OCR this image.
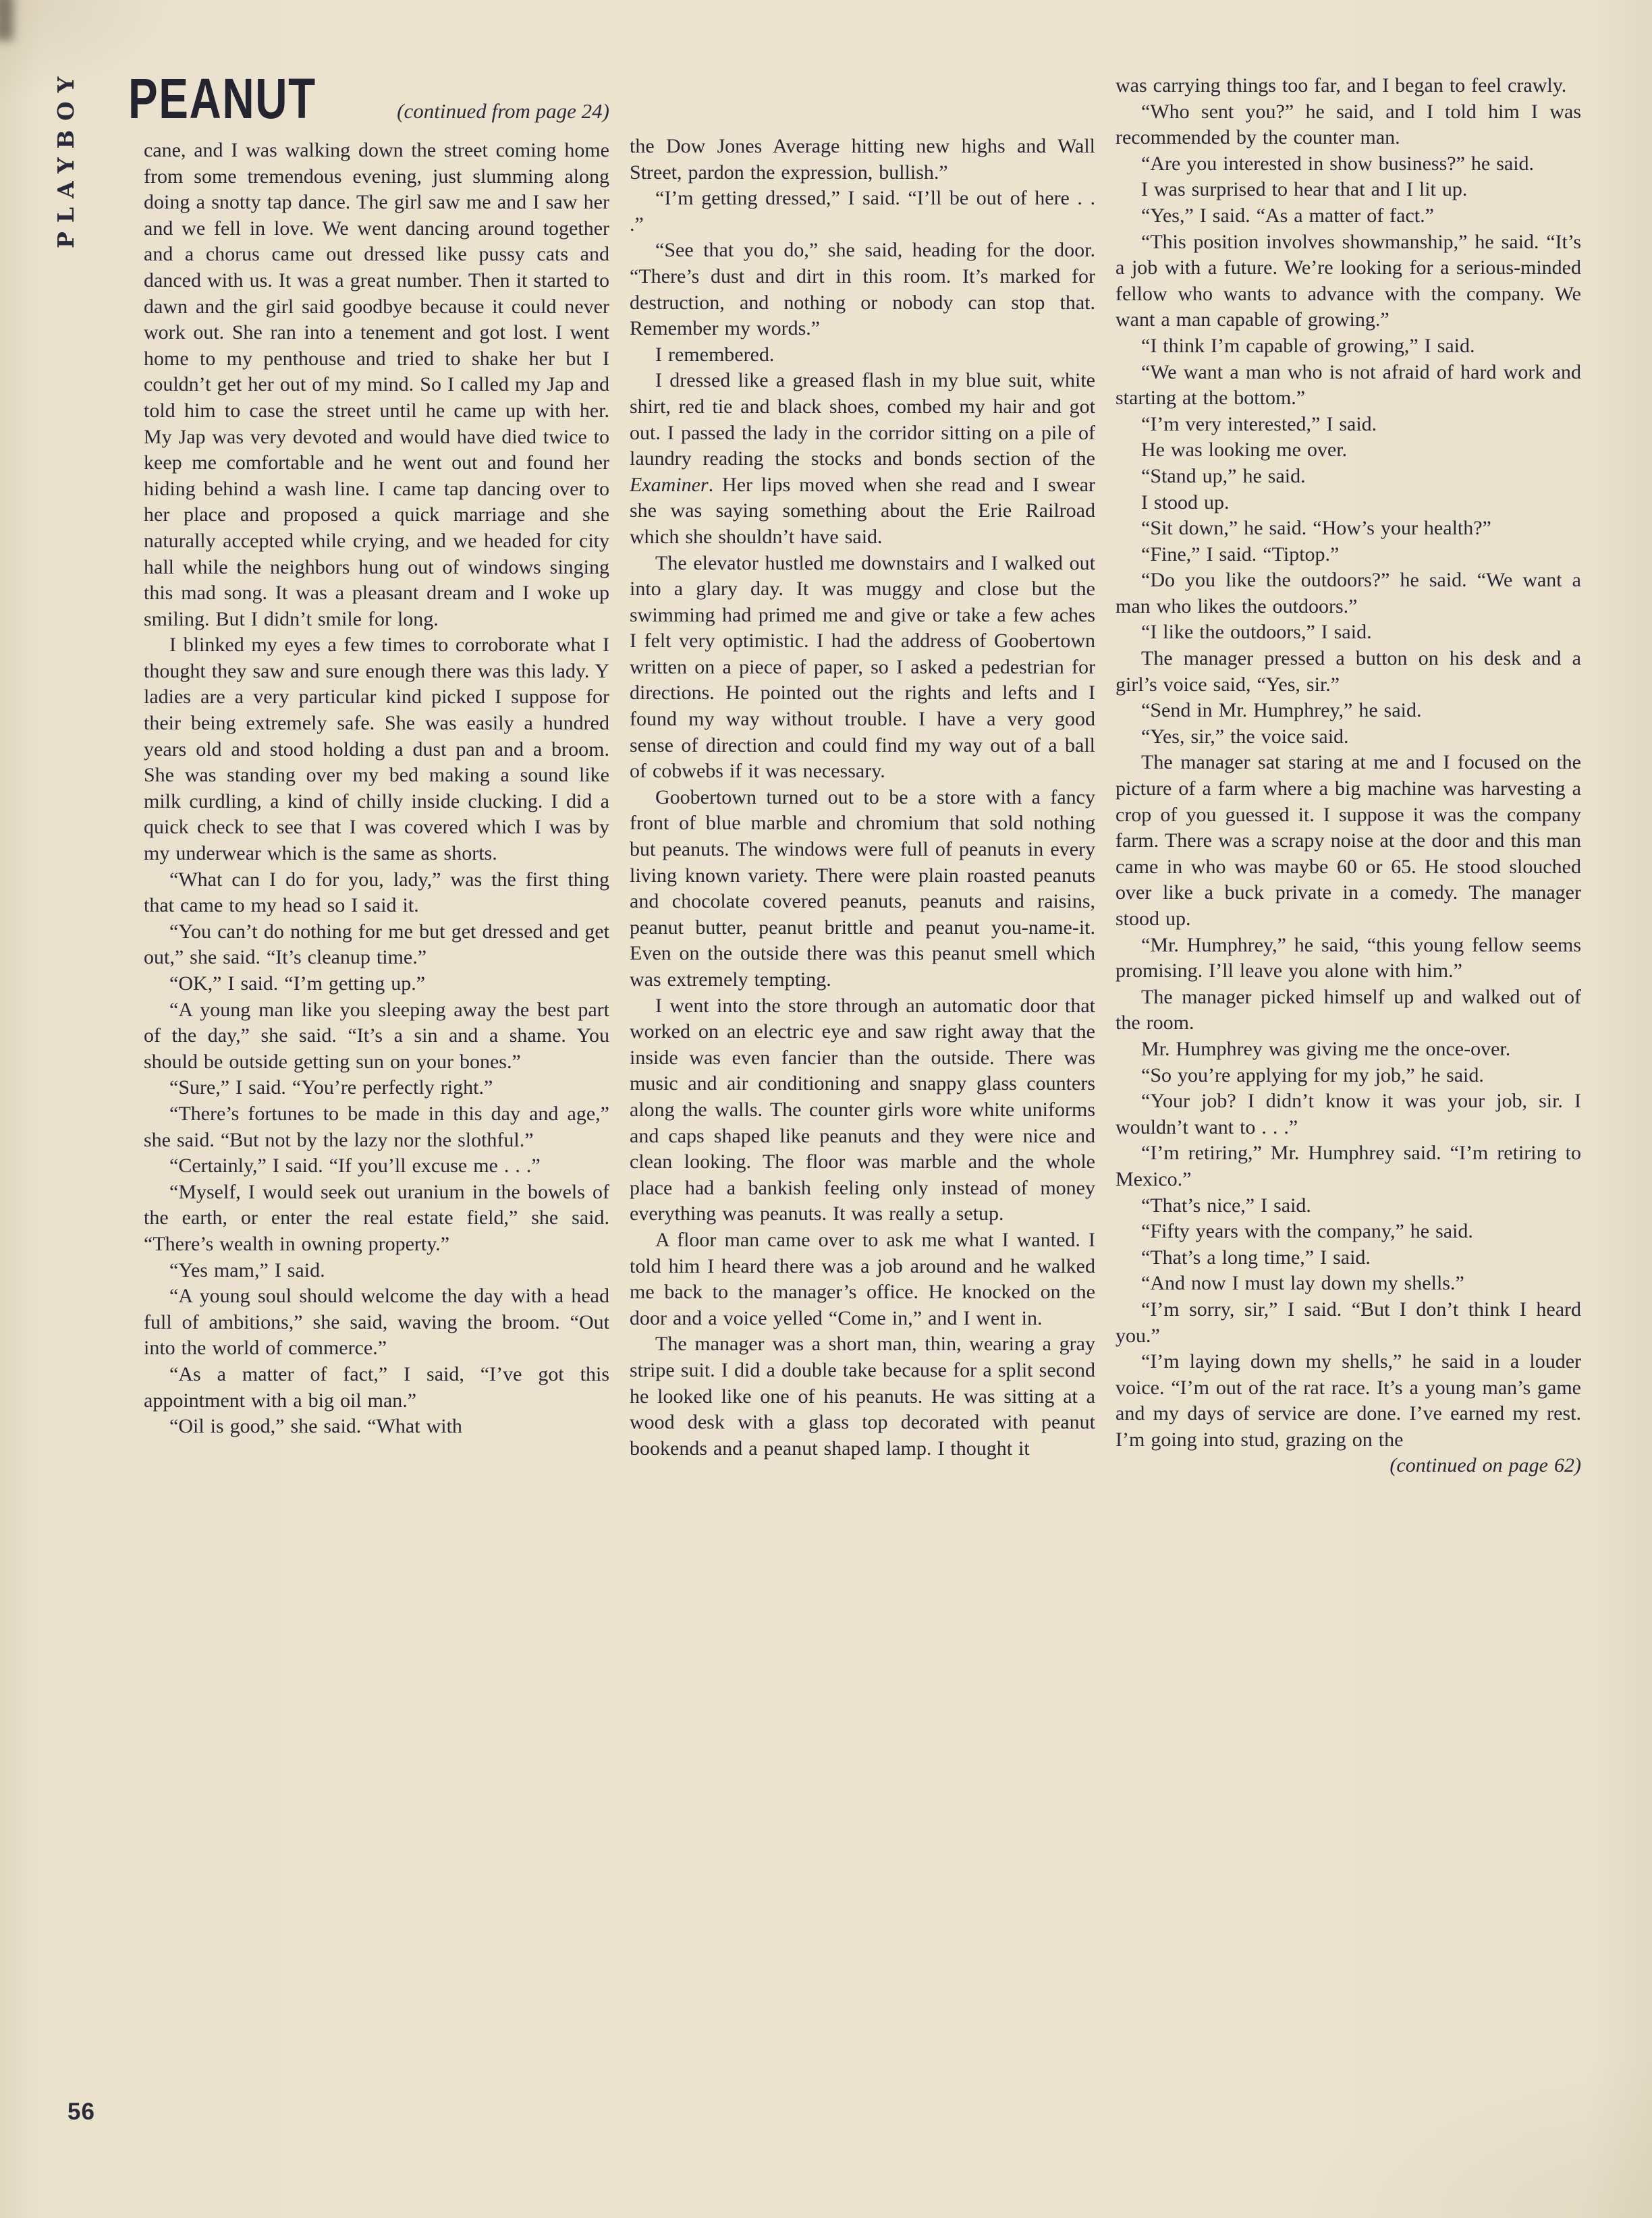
PLAYBOY PEANUT	(continued from page 24)

cane, and I was walking down the street coming home from some tremendous evening, just slumming along doing a snotty tap dance. The girl saw me and I saw her and we fell in love. We went dancing around together and a chorus came out dressed like pussy cats and danced with us. It was a great number. Then it started to dawn and the girl said goodbye because it could never work out. She ran into a tenement and got lost. I went home to my penthouse and tried to shake her but I couldn’t get her out of my mind. So I called my Jap and told him to case the street until he came up with her. My Jap was very devoted and would have died twice to keep me comfortable and he went out and found her hiding behind a wash line. I came tap dancing over to her place and proposed a quick marriage and she naturally accepted while crying, and we headed for city hall while the neighbors hung out of windows singing this mad song. It was a pleasant dream and I woke up smiling. But I didn’t smile for long.

I blinked my eyes a few times to corroborate what I thought they saw and sure enough there was this lady. Y ladies are a very particular kind picked I suppose for their being extremely safe. She was easily a hundred years old and stood holding a dust pan and a broom. She was standing over my bed making a sound like milk curdling, a kind of chilly inside clucking. I did a quick check to see that I was covered which I was by my underwear which is the same as shorts.

“What can I do for you, lady,” was the first thing that came to my head so I said it.

“You can’t do nothing for me but get dressed and get out,” she said. “It’s cleanup time.”

“OK,” I said. “I’m getting up.”

“A young man like you sleeping away the best part of the day,” she said. “It’s a sin and a shame. You should be outside getting sun on your bones.”

“Sure,” I said. “You’re perfectly right.”

“There’s fortunes to be made in this day and age,” she said. “But not by the lazy nor the slothful.”

“Certainly,” I said. “If you’ll excuse me . . .”

“Myself, I would seek out uranium in the bowels of the earth, or enter the real estate field,” she said. “There’s wealth in owning property.”

“Yes mam,” I said.

“A young soul should welcome the day with a head full of ambitions,” she said, waving the broom. “Out into the world of commerce.”

“As a matter of fact,” I said, “I’ve got this appointment with a big oil man.”

“Oil is good,” she said. “What with

the Dow Jones Average hitting new highs and Wall Street, pardon the expression, bullish.”

“I’m getting dressed,” I said. “I’ll be out of here . . .”

“See that you do,” she said, heading for the door. “There’s dust and dirt in this room. It’s marked for destruction, and nothing or nobody can stop that. Remember my words.”

I remembered.

I dressed like a greased flash in my blue suit, white shirt, red tie and black shoes, combed my hair and got out. I passed the lady in the corridor sitting on a pile of laundry reading the stocks and bonds section of the Examiner. Her lips moved when she read and I swear she was saying something about the Erie Railroad which she shouldn’t have said.

The elevator hustled me downstairs and I walked out into a glary day. It was muggy and close but the swimming had primed me and give or take a few aches I felt very optimistic. I had the address of Goobertown written on a piece of paper, so I asked a pedestrian for directions. He pointed out the rights and lefts and I found my way without trouble. I have a very good sense of direction and could find my way out of a ball of cobwebs if it was necessary.

Goobertown turned out to be a store with a fancy front of blue marble and chromium that sold nothing but peanuts. The windows were full of peanuts in every living known variety. There were plain roasted peanuts and chocolate covered peanuts, peanuts and raisins, peanut butter, peanut brittle and peanut you-name-it. Even on the outside there was this peanut smell which was extremely tempting.

I went into the store through an automatic door that worked on an electric eye and saw right away that the inside was even fancier than the outside. There was music and air conditioning and snappy glass counters along the walls. The counter girls wore white uniforms and caps shaped like peanuts and they were nice and clean looking. The floor was marble and the whole place had a bankish feeling only instead of money everything was peanuts. It was really a setup.

A floor man came over to ask me what I wanted. I told him I heard there was a job around and he walked me back to the manager’s office. He knocked on the door and a voice yelled “Come in,” and I went in.

The manager was a short man, thin, wearing a gray stripe suit. I did a double take because for a split second he looked like one of his peanuts. He was sitting at a wood desk with a glass top decorated with peanut bookends and a peanut shaped lamp. I thought it

was carrying things too far, and I began to feel crawly.

“Who sent you?” he said, and I told him I was recommended by the counter man.

“Are you interested in show business?” he said.

I was surprised to hear that and I lit up.

“Yes,” I said. “As a matter of fact.”

“This position involves showmanship,” he said. “It’s a job with a future. We’re looking for a serious-minded fellow who wants to advance with the company. We want a man capable of growing.”

“I think I’m capable of growing,” I said.

“We want a man who is not afraid of hard work and starting at the bottom.”

“I’m very interested,” I said.

He was looking me over.

“Stand up,” he said.

I stood up.

“Sit down,” he said. “How’s your health?”

“Fine,” I said. “Tiptop.”

“Do you like the outdoors?” he said. “We want a man who likes the outdoors.”

“I like the outdoors,” I said.

The manager pressed a button on his desk and a girl’s voice said, “Yes, sir.”

“Send in Mr. Humphrey,” he said.

“Yes, sir,” the voice said.

The manager sat staring at me and I focused on the picture of a farm where a big machine was harvesting a crop of you guessed it. I suppose it was the company farm. There was a scrapy noise at the door and this man came in who was maybe 60 or 65. He stood slouched over like a buck private in a comedy. The manager stood up.

“Mr. Humphrey,” he said, “this young fellow seems promising. I’ll leave you alone with him.”

The manager picked himself up and walked out of the room.

Mr. Humphrey was giving me the once-over.

“So you’re applying for my job,” he said.

“Your job? I didn’t know it was your job, sir. I wouldn’t want to . . .”

“I’m retiring,” Mr. Humphrey said. “I’m retiring to Mexico.”

“That’s nice,” I said.

“Fifty years with the company,” he said.

“That’s a long time,” I said.

“And now I must lay down my shells.”

“I’m sorry, sir,” I said. “But I don’t think I heard you.”

“I’m laying down my shells,” he said in a louder voice. “I’m out of the rat race. It’s a young man’s game and my days of service are done. I’ve earned my rest. I’m going into stud, grazing on the

(continued on page 62)

56
